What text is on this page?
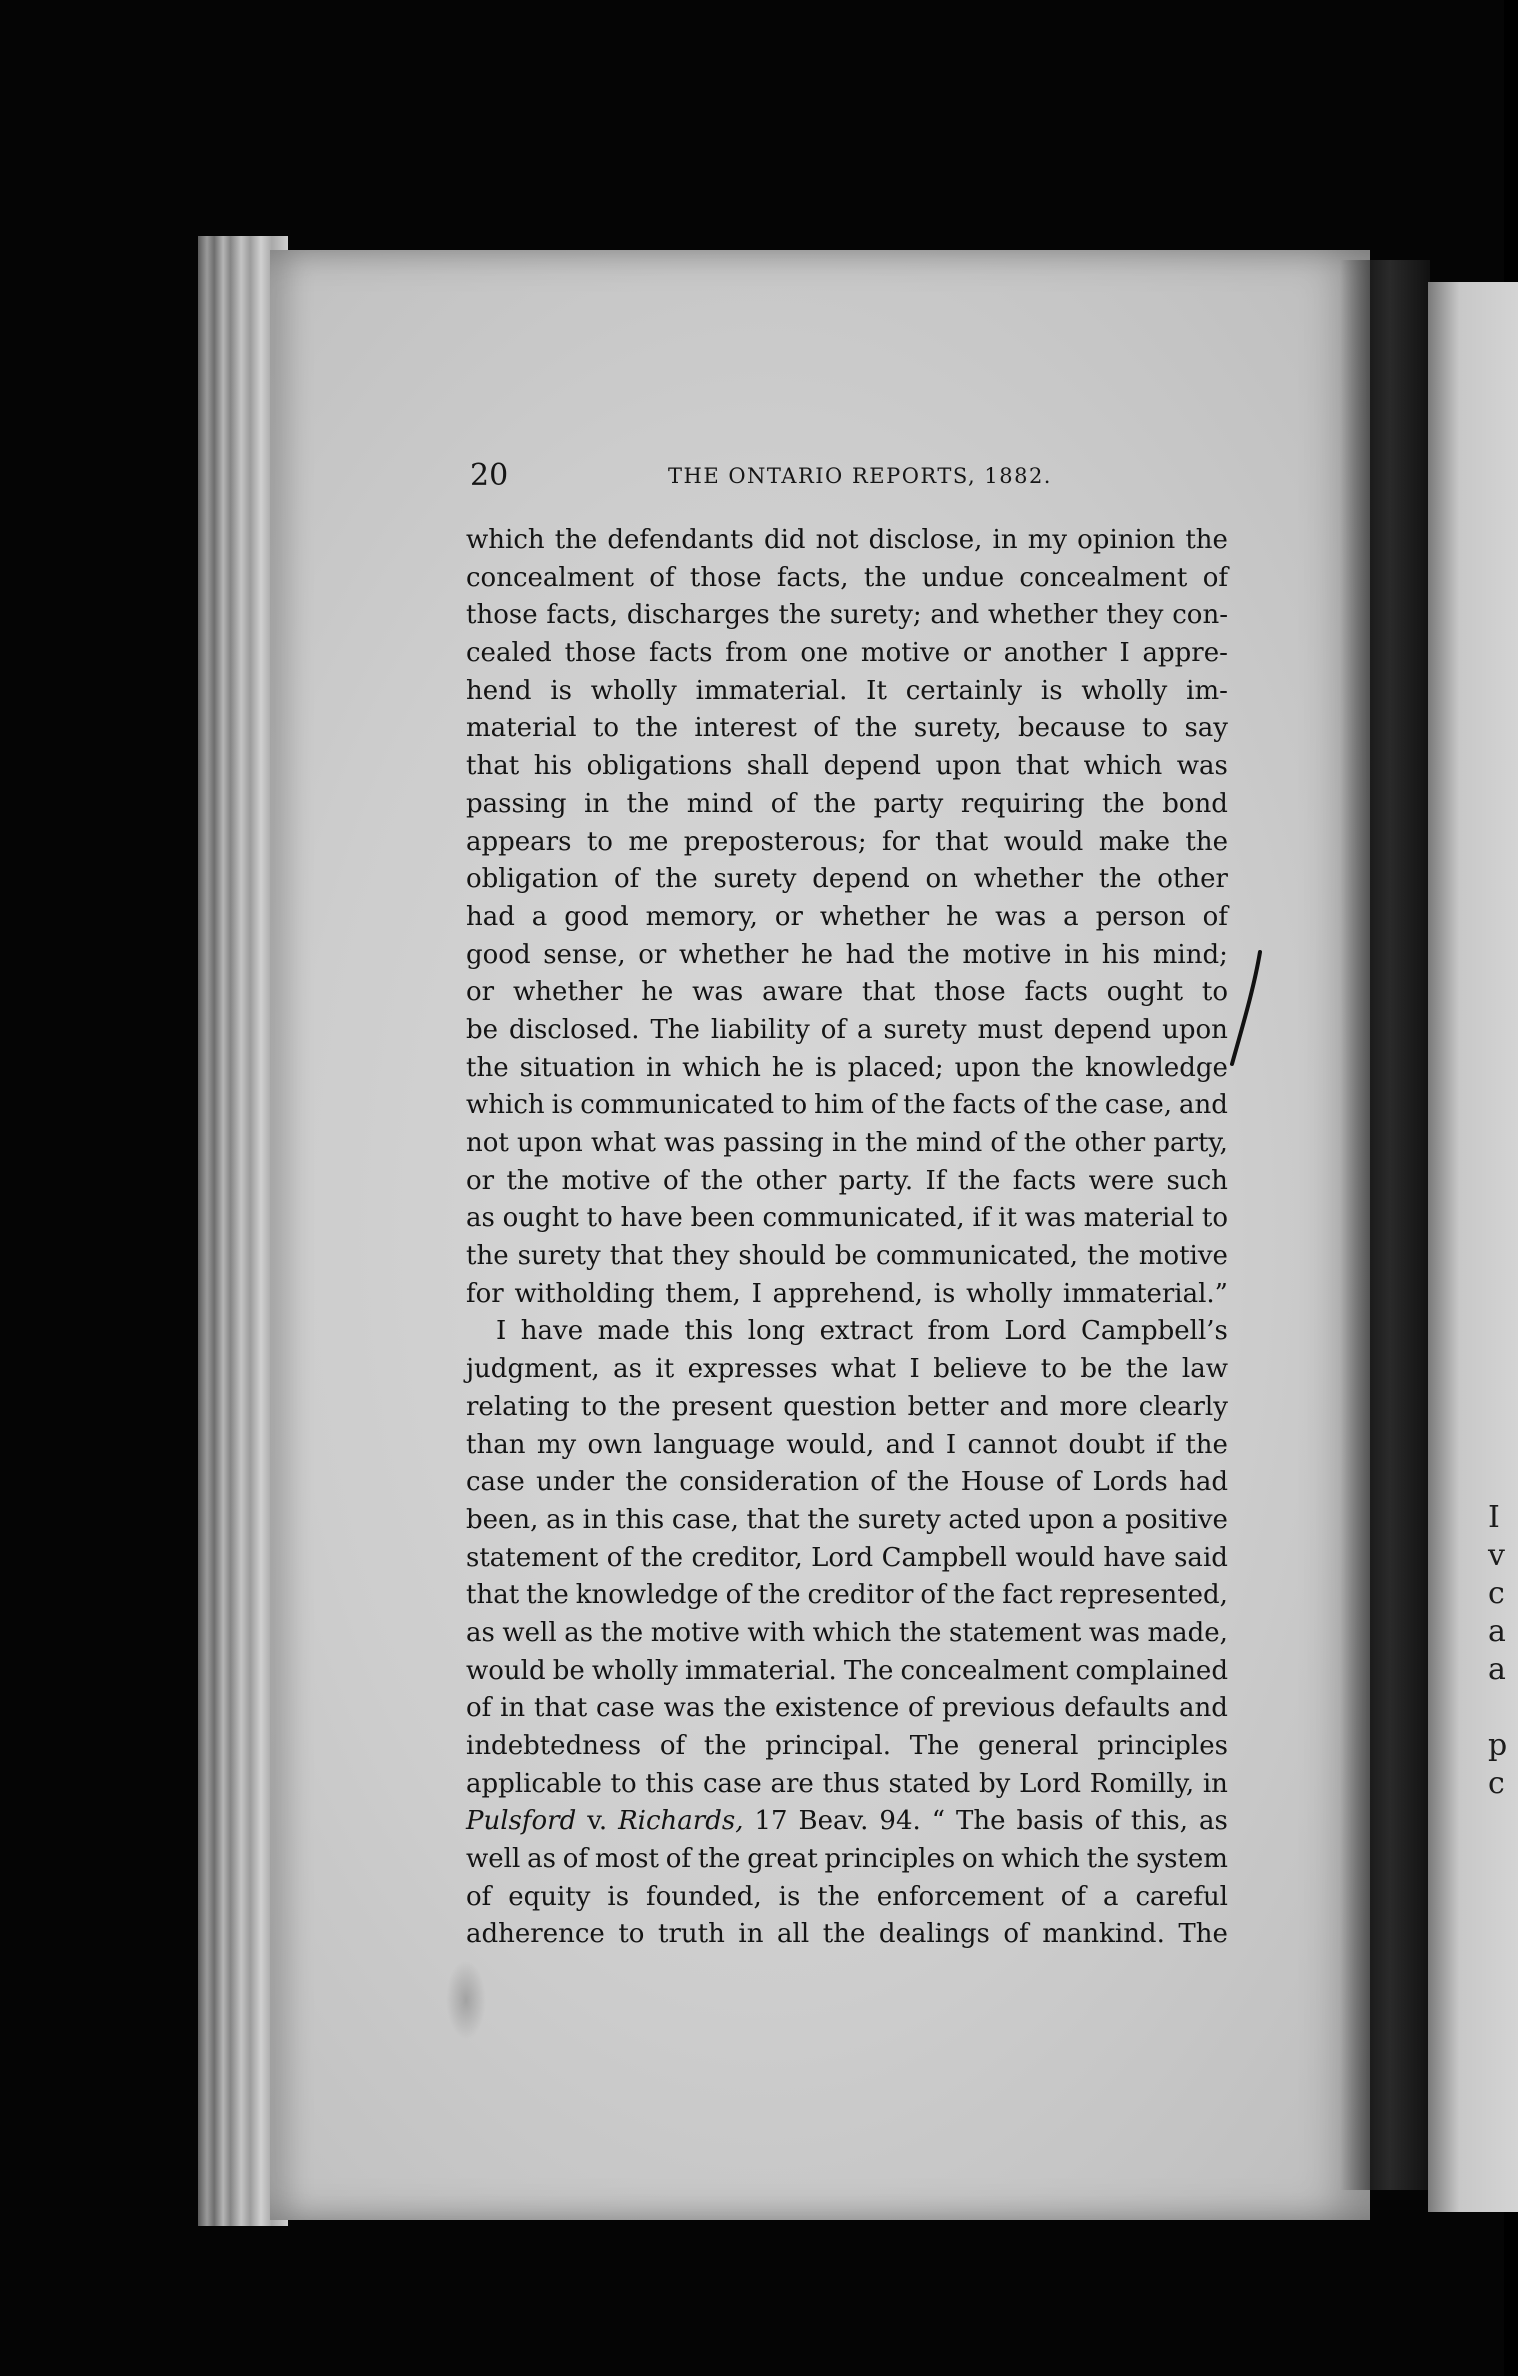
I
v
c
a
a
p
c
20	THE ONTARIO REPORTS, 1882.
which the defendants did not disclose, in my opinion the
concealment of those facts, the undue concealment of
those facts, discharges the surety; and whether they con-
cealed those facts from one motive or another I appre-
hend is wholly immaterial. It certainly is wholly im-
material to the interest of the surety, because to say
that his obligations shall depend upon that which was
passing in the mind of the party requiring the bond
appears to me preposterous; for that would make the
obligation of the surety depend on whether the other
had a good memory, or whether he was a person of
good sense, or whether he had the motive in his mind;
or whether he was aware that those facts ought to
be disclosed. The liability of a surety must depend upon
the situation in which he is placed; upon the knowledge
which is communicated to him of the facts of the case, and
not upon what was passing in the mind of the other party,
or the motive of the other party. If the facts were such
as ought to have been communicated, if it was material to
the surety that they should be communicated, the motive
for witholding them, I apprehend, is wholly immaterial.”
I have made this long extract from Lord Campbell’s
judgment, as it expresses what I believe to be the law
relating to the present question better and more clearly
than my own language would, and I cannot doubt if the
case under the consideration of the House of Lords had
been, as in this case, that the surety acted upon a positive
statement of the creditor, Lord Campbell would have said
that the knowledge of the creditor of the fact represented,
as well as the motive with which the statement was made,
would be wholly immaterial. The concealment complained
of in that case was the existence of previous defaults and
indebtedness of the principal. The general principles
applicable to this case are thus stated by Lord Romilly, in
Pulsford v. Richards, 17 Beav. 94. “ The basis of this, as
well as of most of the great principles on which the system
of equity is founded, is the enforcement of a careful
adherence to truth in all the dealings of mankind. The
